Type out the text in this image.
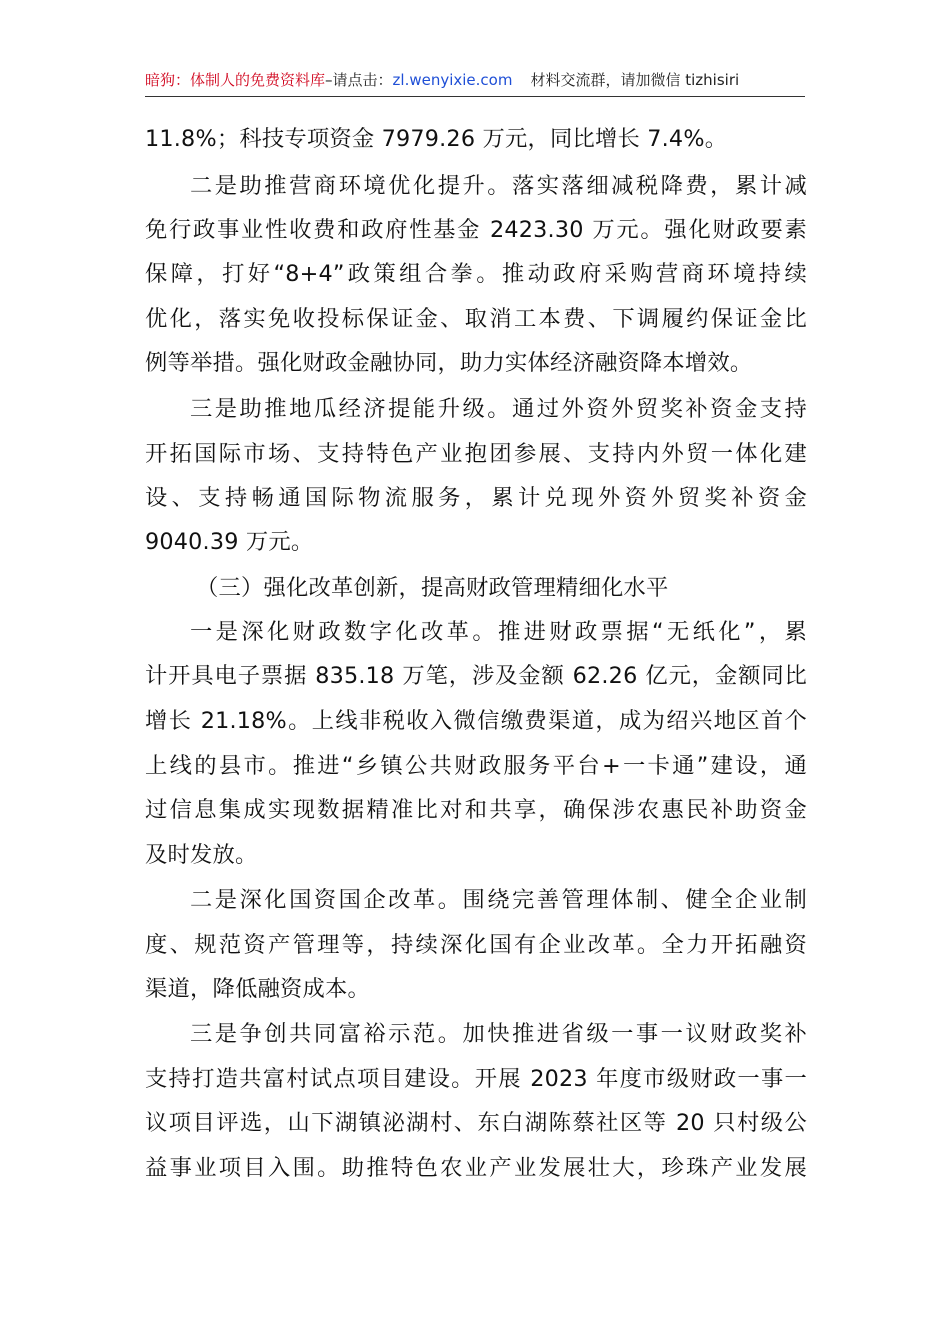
暗狗：体制人的免费资料库–请点击：zl.wenyixie.com 材料交流群，请加微信 tizhisiri
11.8%；科技专项资金 7979.26 万元，同比增长 7.4%。
二是助推营商环境优化提升。落实落细减税降费，累计减
免行政事业性收费和政府性基金 2423.30 万元。强化财政要素
保障，打好“8+4”政策组合拳。推动政府采购营商环境持续
优化，落实免收投标保证金、取消工本费、下调履约保证金比
例等举措。强化财政金融协同，助力实体经济融资降本增效。
三是助推地瓜经济提能升级。通过外资外贸奖补资金支持
开拓国际市场、支持特色产业抱团参展、支持内外贸一体化建
设、支持畅通国际物流服务，累计兑现外资外贸奖补资金
9040.39 万元。
（三）强化改革创新，提高财政管理精细化水平
一是深化财政数字化改革。推进财政票据“无纸化”，累
计开具电子票据 835.18 万笔，涉及金额 62.26 亿元，金额同比
增长 21.18%。上线非税收入微信缴费渠道，成为绍兴地区首个
上线的县市。推进“乡镇公共财政服务平台+一卡通”建设，通
过信息集成实现数据精准比对和共享，确保涉农惠民补助资金
及时发放。
二是深化国资国企改革。围绕完善管理体制、健全企业制
度、规范资产管理等，持续深化国有企业改革。全力开拓融资
渠道，降低融资成本。
三是争创共同富裕示范。加快推进省级一事一议财政奖补
支持打造共富村试点项目建设。开展 2023 年度市级财政一事一
议项目评选，山下湖镇泌湖村、东白湖陈蔡社区等 20 只村级公
益事业项目入围。助推特色农业产业发展壮大，珍珠产业发展
